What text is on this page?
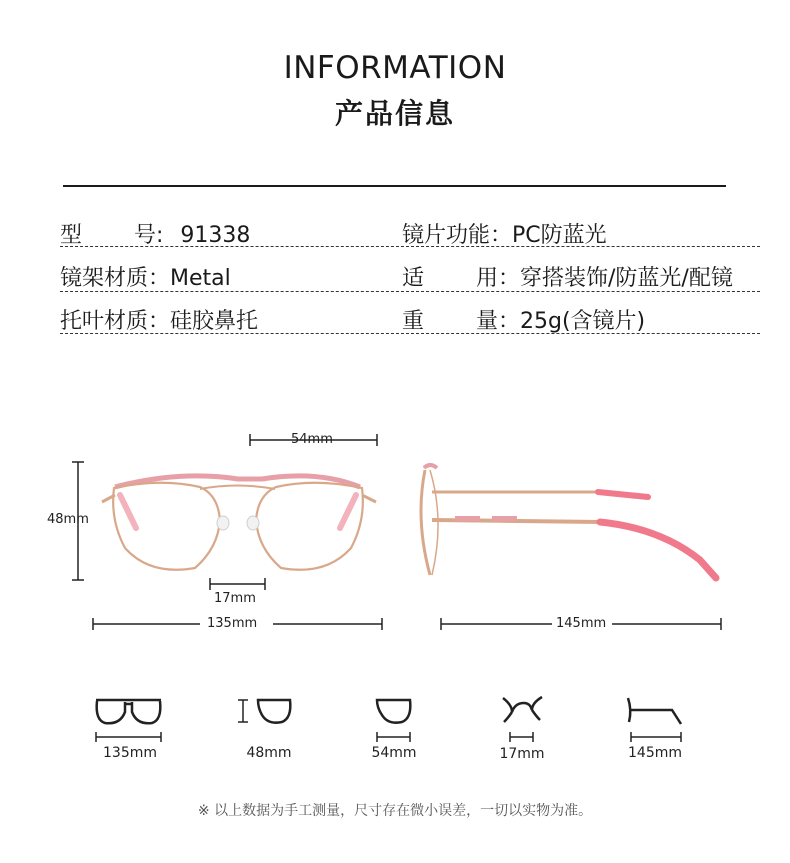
INFORMATION
产品信息
型 号 : 91338	镜片功能：PC防蓝光
镜架材质：Metal	适 用 ：穿搭装饰/防蓝光/配镜
托叶材质：硅胶鼻托	重 量 ：25g(含镜片)
54mm
48mm
17mm
135mm	145mm
135mm	48mm	54mm	17mm	145mm
※ 以上数据为手工测量，尺寸存在微小误差，一切以实物为准。
